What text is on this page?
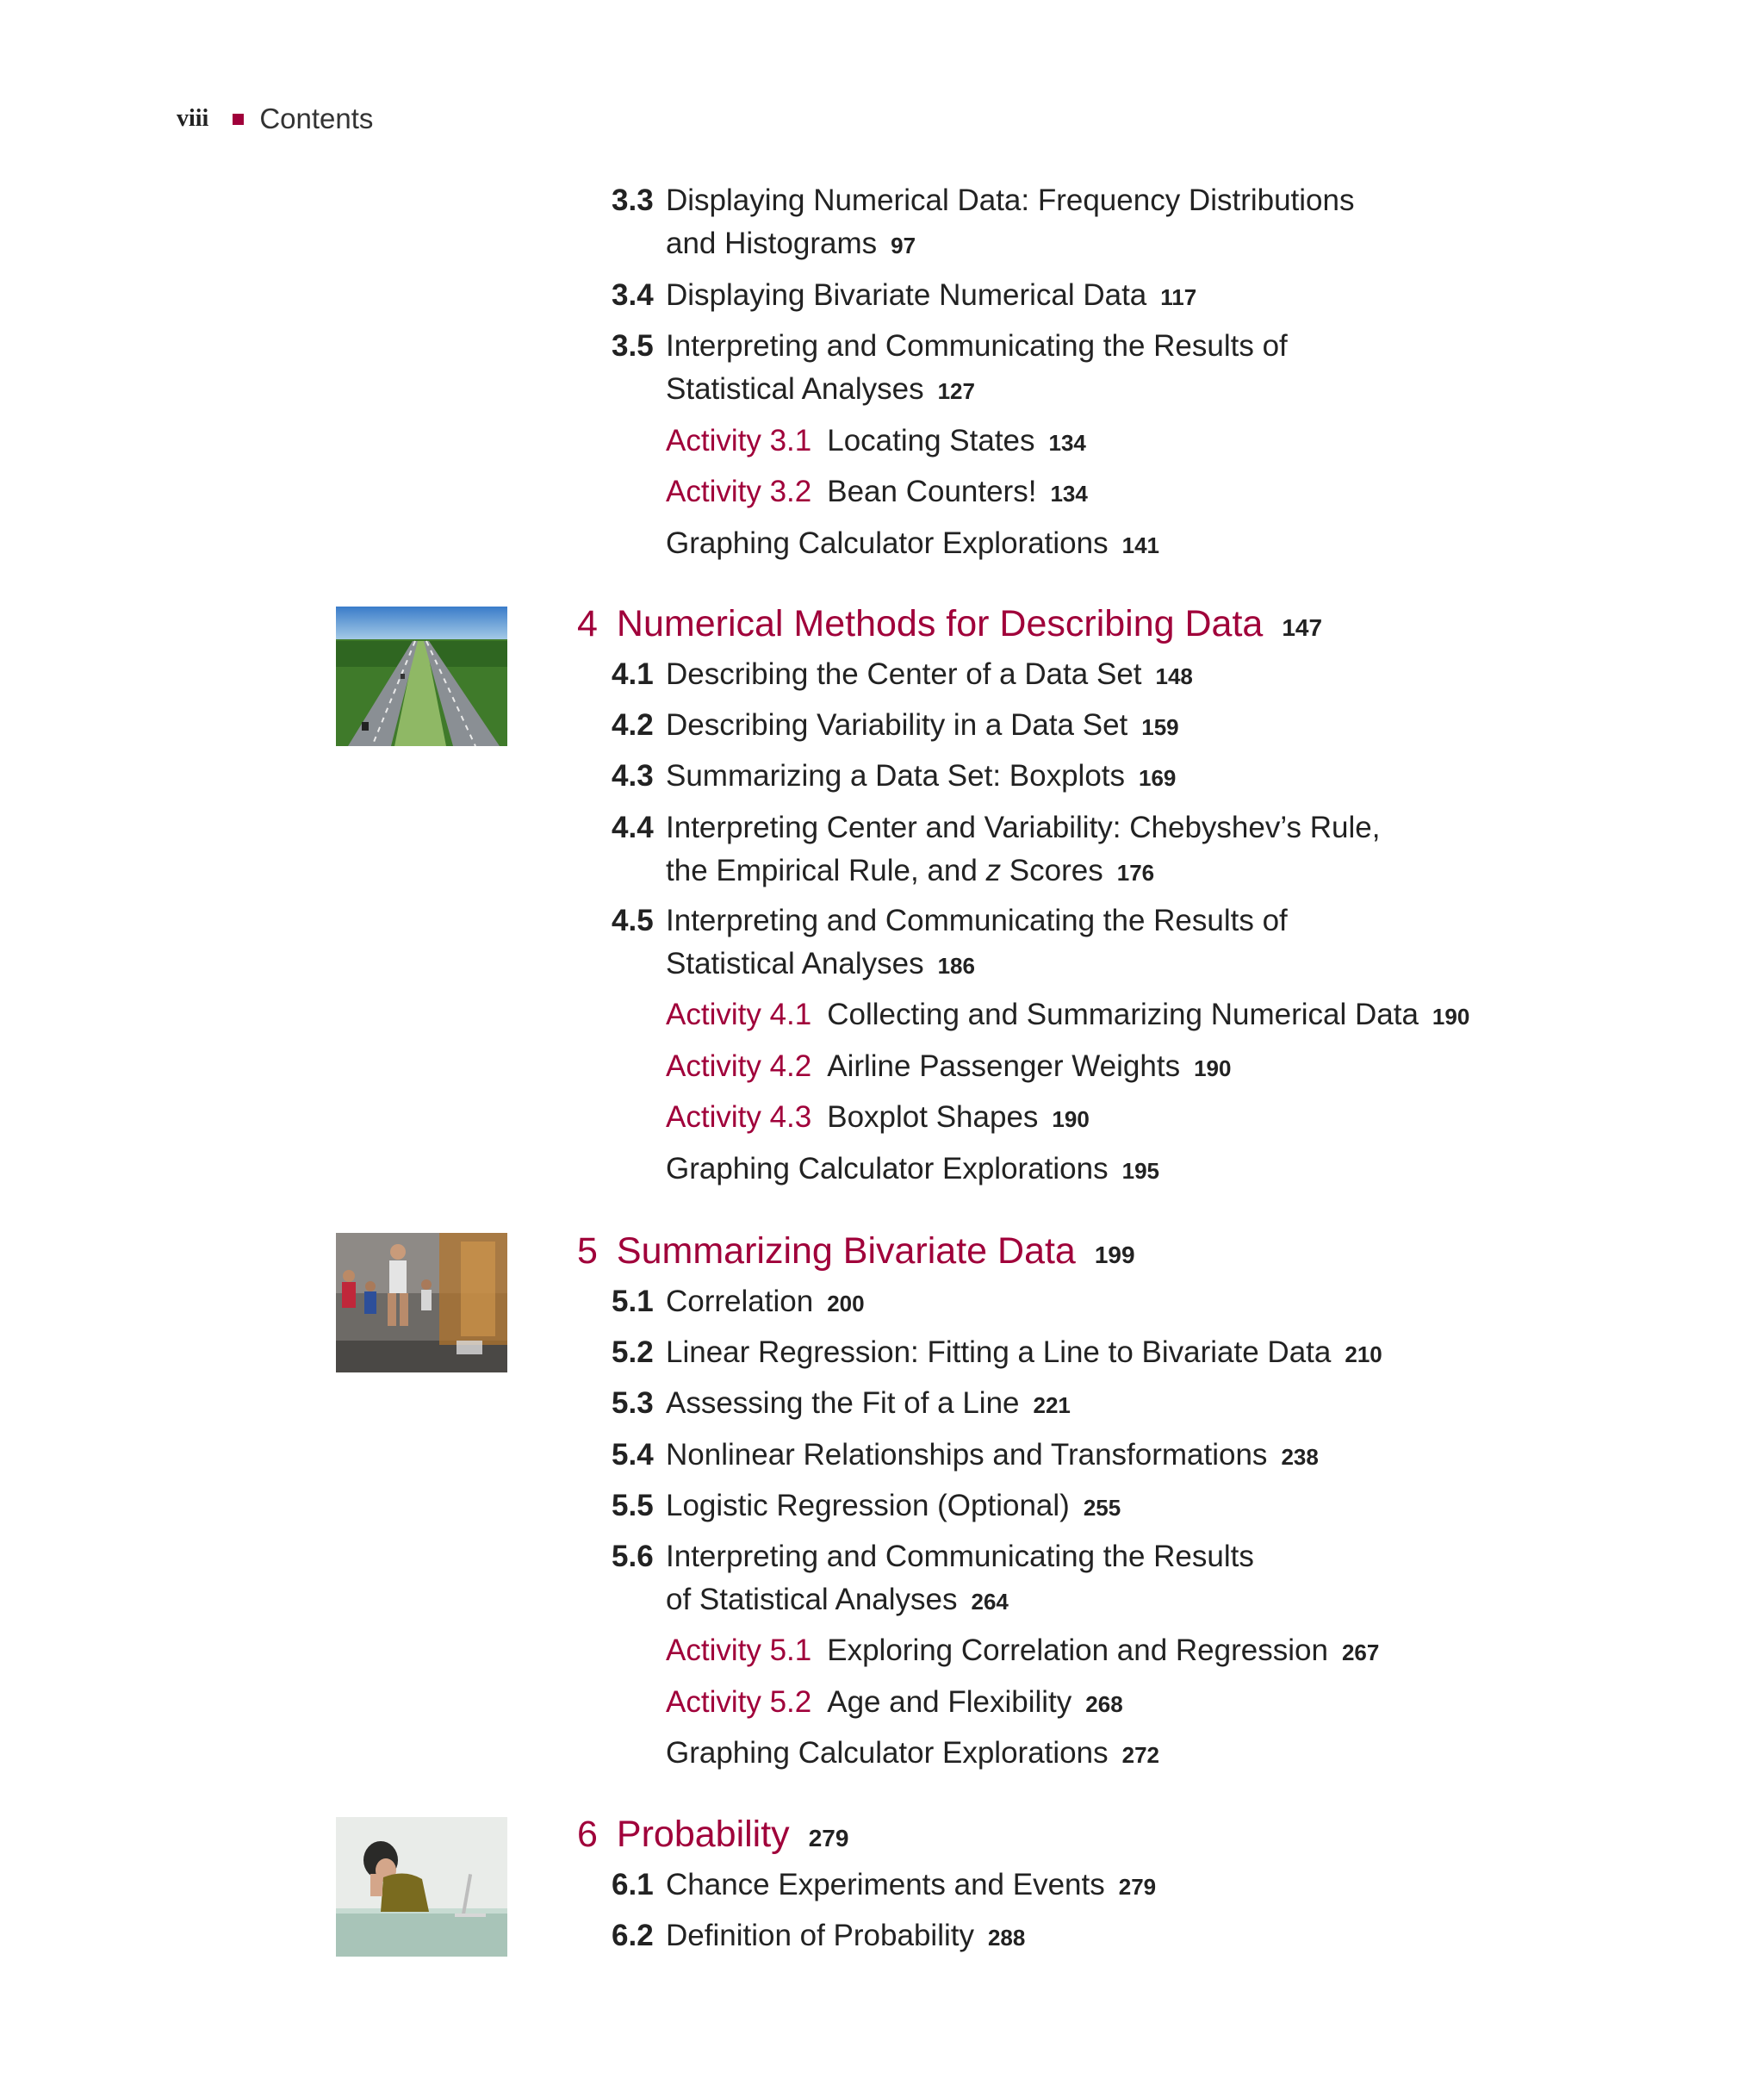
viii Contents
3.3 Displaying Numerical Data: Frequency Distributions
and Histograms 97
3.4 Displaying Bivariate Numerical Data 117
3.5 Interpreting and Communicating the Results of
Statistical Analyses 127
Activity 3.1 Locating States 134
Activity 3.2 Bean Counters! 134
Graphing Calculator Explorations 141
4 Numerical Methods for Describing Data 147
4.1 Describing the Center of a Data Set 148
4.2 Describing Variability in a Data Set 159
4.3 Summarizing a Data Set: Boxplots 169
4.4 Interpreting Center and Variability: Chebyshev’s Rule,
the Empirical Rule, and z Scores 176
4.5 Interpreting and Communicating the Results of
Statistical Analyses 186
Activity 4.1 Collecting and Summarizing Numerical Data 190
Activity 4.2 Airline Passenger Weights 190
Activity 4.3 Boxplot Shapes 190
Graphing Calculator Explorations 195
5 Summarizing Bivariate Data 199
5.1 Correlation 200
5.2 Linear Regression: Fitting a Line to Bivariate Data 210
5.3 Assessing the Fit of a Line 221
5.4 Nonlinear Relationships and Transformations 238
5.5 Logistic Regression (Optional) 255
5.6 Interpreting and Communicating the Results
of Statistical Analyses 264
Activity 5.1 Exploring Correlation and Regression 267
Activity 5.2 Age and Flexibility 268
Graphing Calculator Explorations 272
6 Probability 279
6.1 Chance Experiments and Events 279
6.2 Definition of Probability 288
